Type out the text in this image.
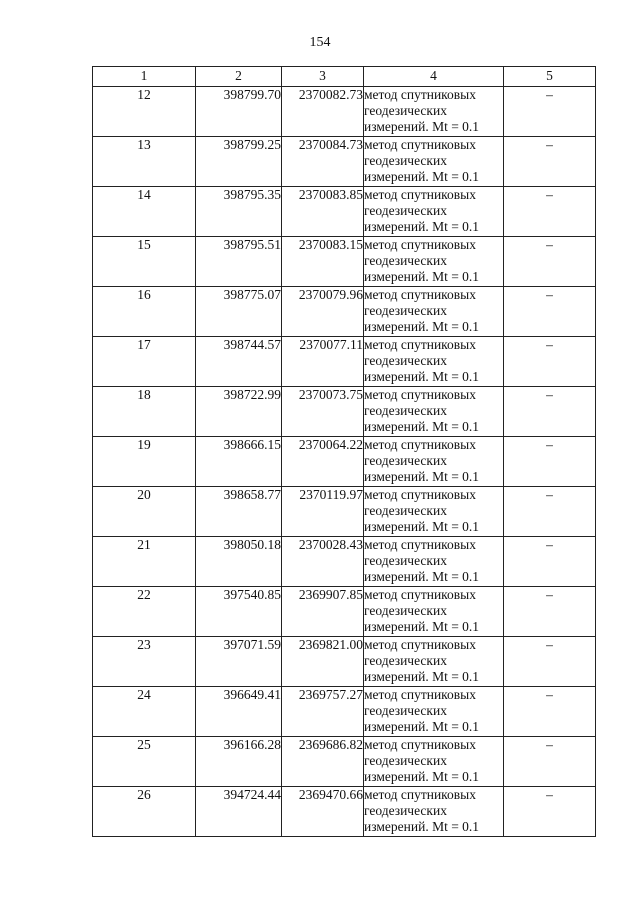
154
1	2	3	4	5
12	398799.70	2370082.73	метод спутниковых
геодезических
измерений. Mt = 0.1	–
13	398799.25	2370084.73	метод спутниковых
геодезических
измерений. Mt = 0.1	–
14	398795.35	2370083.85	метод спутниковых
геодезических
измерений. Mt = 0.1	–
15	398795.51	2370083.15	метод спутниковых
геодезических
измерений. Mt = 0.1	–
16	398775.07	2370079.96	метод спутниковых
геодезических
измерений. Mt = 0.1	–
17	398744.57	2370077.11	метод спутниковых
геодезических
измерений. Mt = 0.1	–
18	398722.99	2370073.75	метод спутниковых
геодезических
измерений. Mt = 0.1	–
19	398666.15	2370064.22	метод спутниковых
геодезических
измерений. Mt = 0.1	–
20	398658.77	2370119.97	метод спутниковых
геодезических
измерений. Mt = 0.1	–
21	398050.18	2370028.43	метод спутниковых
геодезических
измерений. Mt = 0.1	–
22	397540.85	2369907.85	метод спутниковых
геодезических
измерений. Mt = 0.1	–
23	397071.59	2369821.00	метод спутниковых
геодезических
измерений. Mt = 0.1	–
24	396649.41	2369757.27	метод спутниковых
геодезических
измерений. Mt = 0.1	–
25	396166.28	2369686.82	метод спутниковых
геодезических
измерений. Mt = 0.1	–
26	394724.44	2369470.66	метод спутниковых
геодезических
измерений. Mt = 0.1	–
